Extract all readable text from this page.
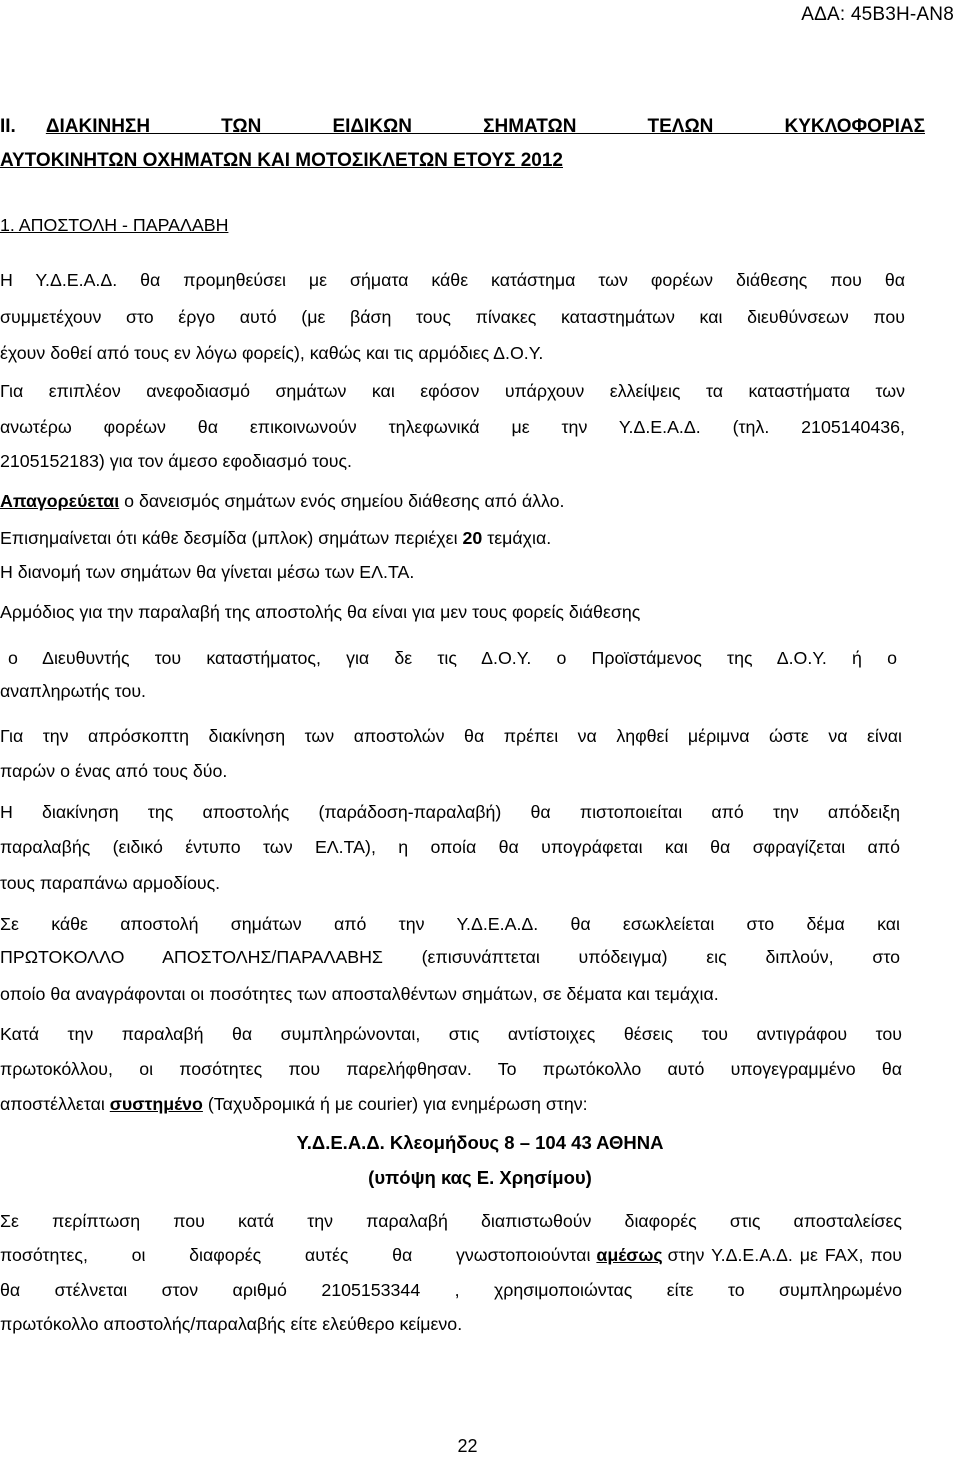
ΑΔΑ: 45Β3Η-ΑΝ8
II. ΔΙΑΚΙΝΗΣΗ ΤΩΝ ΕΙΔΙΚΩΝ ΣΗΜΑΤΩΝ ΤΕΛΩΝ ΚΥΚΛΟΦΟΡΙΑΣ
ΑΥΤΟΚΙΝΗΤΩΝ ΟΧΗΜΑΤΩΝ ΚΑΙ ΜΟΤΟΣΙΚΛΕΤΩΝ ΕΤΟΥΣ 2012
1. ΑΠΟΣΤΟΛΗ - ΠΑΡΑΛΑΒΗ
Η Υ.Δ.Ε.Α.Δ. θα προμηθεύσει με σήματα κάθε κατάστημα των φορέων διάθεσης που θα
συμμετέχουν στο έργο αυτό (με βάση τους πίνακες καταστημάτων και διευθύνσεων που
έχουν δοθεί από τους εν λόγω φορείς), καθώς και τις αρμόδιες Δ.Ο.Υ.
Για επιπλέον ανεφοδιασμό σημάτων και εφόσον υπάρχουν ελλείψεις τα καταστήματα των
ανωτέρω φορέων θα επικοινωνούν τηλεφωνικά με την Υ.Δ.Ε.Α.Δ. (τηλ. 2105140436,
2105152183) για τον άμεσο εφοδιασμό τους.
Απαγορεύεται ο δανεισμός σημάτων ενός σημείου διάθεσης από άλλο.
Επισημαίνεται ότι κάθε δεσμίδα (μπλοκ) σημάτων περιέχει 20 τεμάχια.
Η διανομή των σημάτων θα γίνεται μέσω των ΕΛ.ΤΑ.
Αρμόδιος για την παραλαβή της αποστολής θα είναι για μεν τους φορείς διάθεσης
ο Διευθυντής του καταστήματος, για δε τις Δ.Ο.Υ. ο Προϊστάμενος της Δ.Ο.Υ. ή ο
αναπληρωτής του.
Για την απρόσκοπτη διακίνηση των αποστολών θα πρέπει να ληφθεί μέριμνα ώστε να είναι
παρών ο ένας από τους δύο.
Η διακίνηση της αποστολής (παράδοση-παραλαβή) θα πιστοποιείται από την απόδειξη
παραλαβής (ειδικό έντυπο των ΕΛ.ΤΑ), η οποία θα υπογράφεται και θα σφραγίζεται από
τους παραπάνω αρμοδίους.
Σε κάθε αποστολή σημάτων από την Υ.Δ.Ε.Α.Δ. θα εσωκλείεται στο δέμα και
ΠΡΩΤΟΚΟΛΛΟ ΑΠΟΣΤΟΛΗΣ/ΠΑΡΑΛΑΒΗΣ (επισυνάπτεται υπόδειγμα) εις διπλούν, στο
οποίο θα αναγράφονται οι ποσότητες των αποσταλθέντων σημάτων, σε δέματα και τεμάχια.
Κατά την παραλαβή θα συμπληρώνονται, στις αντίστοιχες θέσεις του αντιγράφου του
πρωτοκόλλου, οι ποσότητες που παρελήφθησαν. Το πρωτόκολλο αυτό υπογεγραμμένο θα
αποστέλλεται συστημένο (Ταχυδρομικά ή με courier) για ενημέρωση στην:
Υ.Δ.Ε.Α.Δ. Κλεομήδους 8 – 104 43 ΑΘΗΝΑ
(υπόψη κας Ε. Χρησίμου)
Σε περίπτωση που κατά την παραλαβή διαπιστωθούν διαφορές στις αποσταλείσες
ποσότητες, οι διαφορές αυτές θα γνωστοποιούνται αμέσως στην Υ.Δ.Ε.Α.Δ. με FAX, που
θα στέλνεται στον αριθμό 2105153344 , χρησιμοποιώντας είτε το συμπληρωμένο
πρωτόκολλο αποστολής/παραλαβής είτε ελεύθερο κείμενο.
22
